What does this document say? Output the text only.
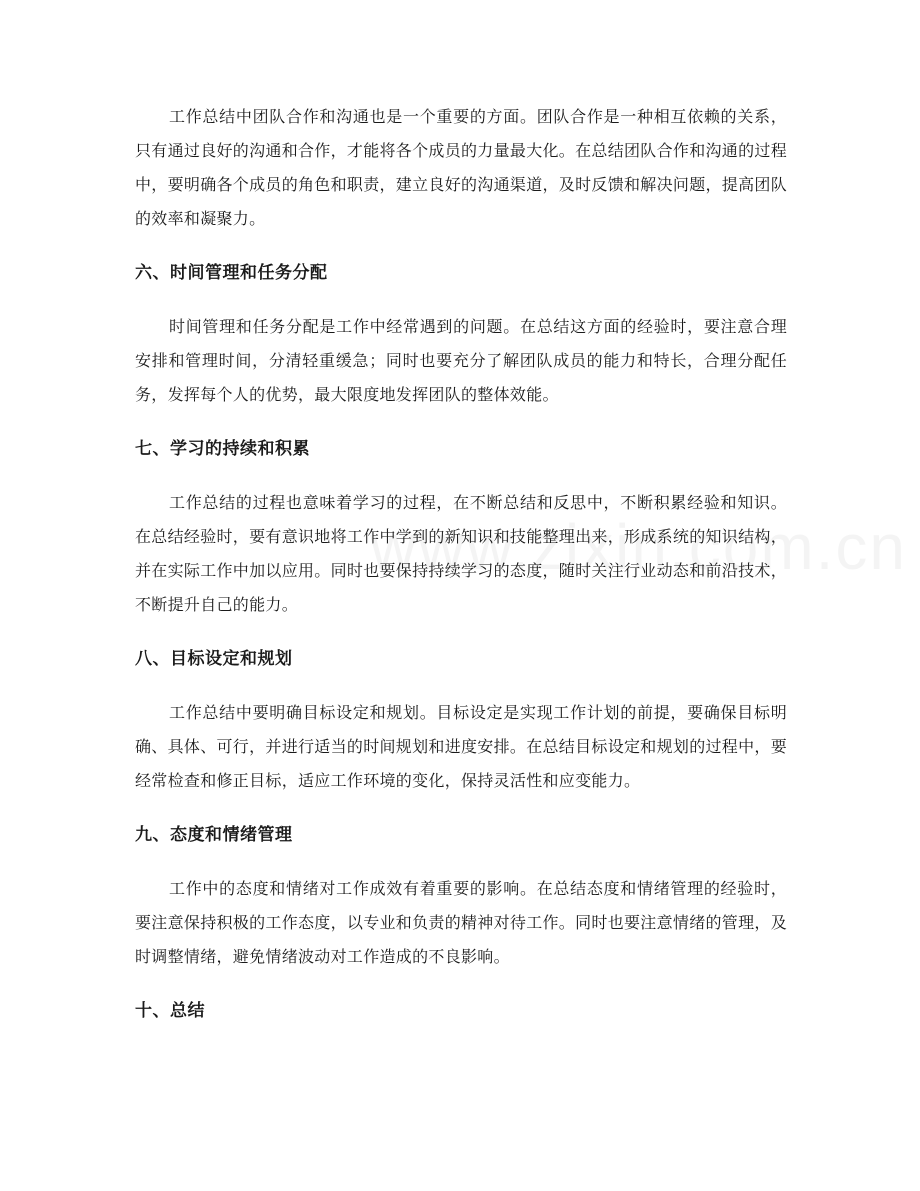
工作总结中团队合作和沟通也是一个重要的方面。团队合作是一种相互依赖的关系，只有通过良好的沟通和合作，才能将各个成员的力量最大化。在总结团队合作和沟通的过程中，要明确各个成员的角色和职责，建立良好的沟通渠道，及时反馈和解决问题，提高团队的效率和凝聚力。

六、时间管理和任务分配

时间管理和任务分配是工作中经常遇到的问题。在总结这方面的经验时，要注意合理安排和管理时间，分清轻重缓急；同时也要充分了解团队成员的能力和特长，合理分配任务，发挥每个人的优势，最大限度地发挥团队的整体效能。

七、学习的持续和积累

工作总结的过程也意味着学习的过程，在不断总结和反思中，不断积累经验和知识。在总结经验时，要有意识地将工作中学到的新知识和技能整理出来，形成系统的知识结构，并在实际工作中加以应用。同时也要保持持续学习的态度，随时关注行业动态和前沿技术，不断提升自己的能力。

八、目标设定和规划

工作总结中要明确目标设定和规划。目标设定是实现工作计划的前提，要确保目标明确、具体、可行，并进行适当的时间规划和进度安排。在总结目标设定和规划的过程中，要经常检查和修正目标，适应工作环境的变化，保持灵活性和应变能力。

九、态度和情绪管理

工作中的态度和情绪对工作成效有着重要的影响。在总结态度和情绪管理的经验时，要注意保持积极的工作态度，以专业和负责的精神对待工作。同时也要注意情绪的管理，及时调整情绪，避免情绪波动对工作造成的不良影响。

十、总结
